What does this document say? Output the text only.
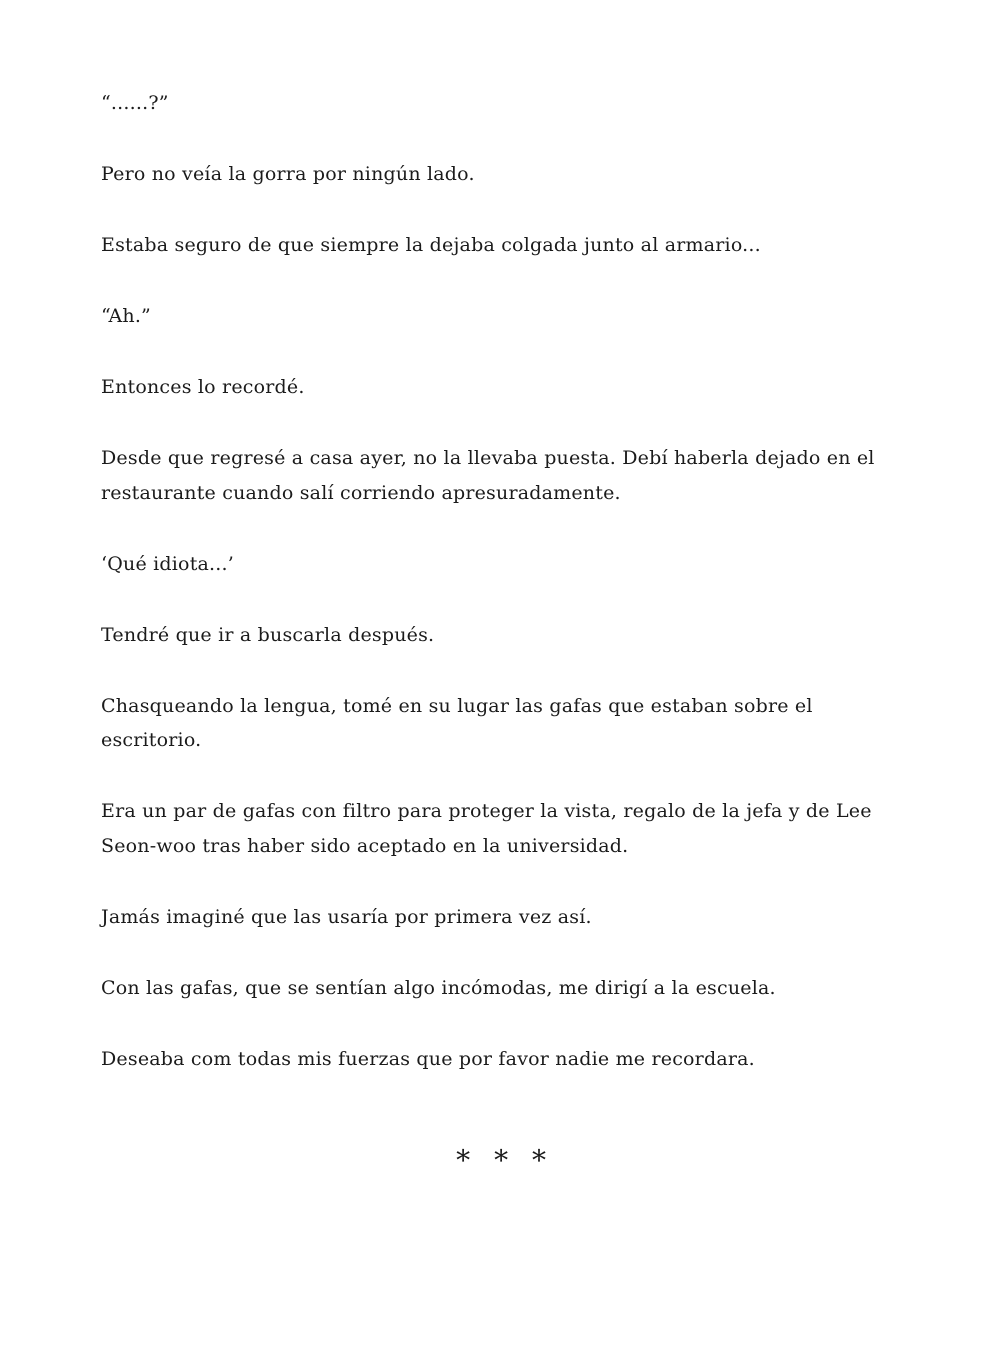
“......?”

Pero no veía la gorra por ningún lado.

Estaba seguro de que siempre la dejaba colgada junto al armario...

“Ah.”

Entonces lo recordé.

Desde que regresé a casa ayer, no la llevaba puesta. Debí haberla dejado en el
restaurante cuando salí corriendo apresuradamente.

‘Qué idiota...’

Tendré que ir a buscarla después.

Chasqueando la lengua, tomé en su lugar las gafas que estaban sobre el
escritorio.

Era un par de gafas con filtro para proteger la vista, regalo de la jefa y de Lee
Seon-woo tras haber sido aceptado en la universidad.

Jamás imaginé que las usaría por primera vez así.

Con las gafas, que se sentían algo incómodas, me dirigí a la escuela.

Deseaba com todas mis fuerzas que por favor nadie me recordara.

∗ ∗ ∗
